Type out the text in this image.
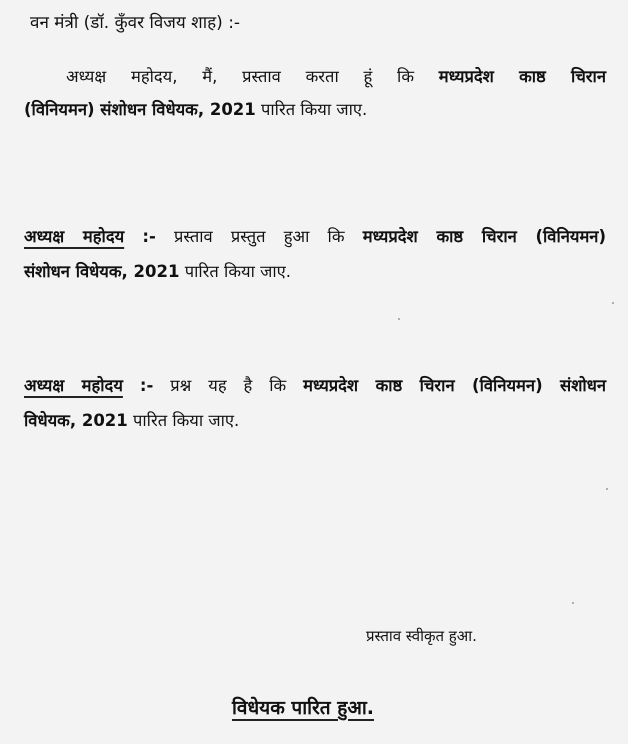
वन मंत्री (डॉ. कुँवर विजय शाह) :-
अध्यक्ष महोदय, मैं, प्रस्ताव करता हूं कि मध्यप्रदेश काष्ठ चिरान
(विनियमन) संशोधन विधेयक, 2021 पारित किया जाए.
अध्यक्ष महोदय :- प्रस्ताव प्रस्तुत हुआ कि मध्यप्रदेश काष्ठ चिरान (विनियमन)
संशोधन विधेयक, 2021 पारित किया जाए.
अध्यक्ष महोदय :- प्रश्न यह है कि मध्यप्रदेश काष्ठ चिरान (विनियमन) संशोधन
विधेयक, 2021 पारित किया जाए.
प्रस्ताव स्वीकृत हुआ.
विधेयक पारित हुआ.
